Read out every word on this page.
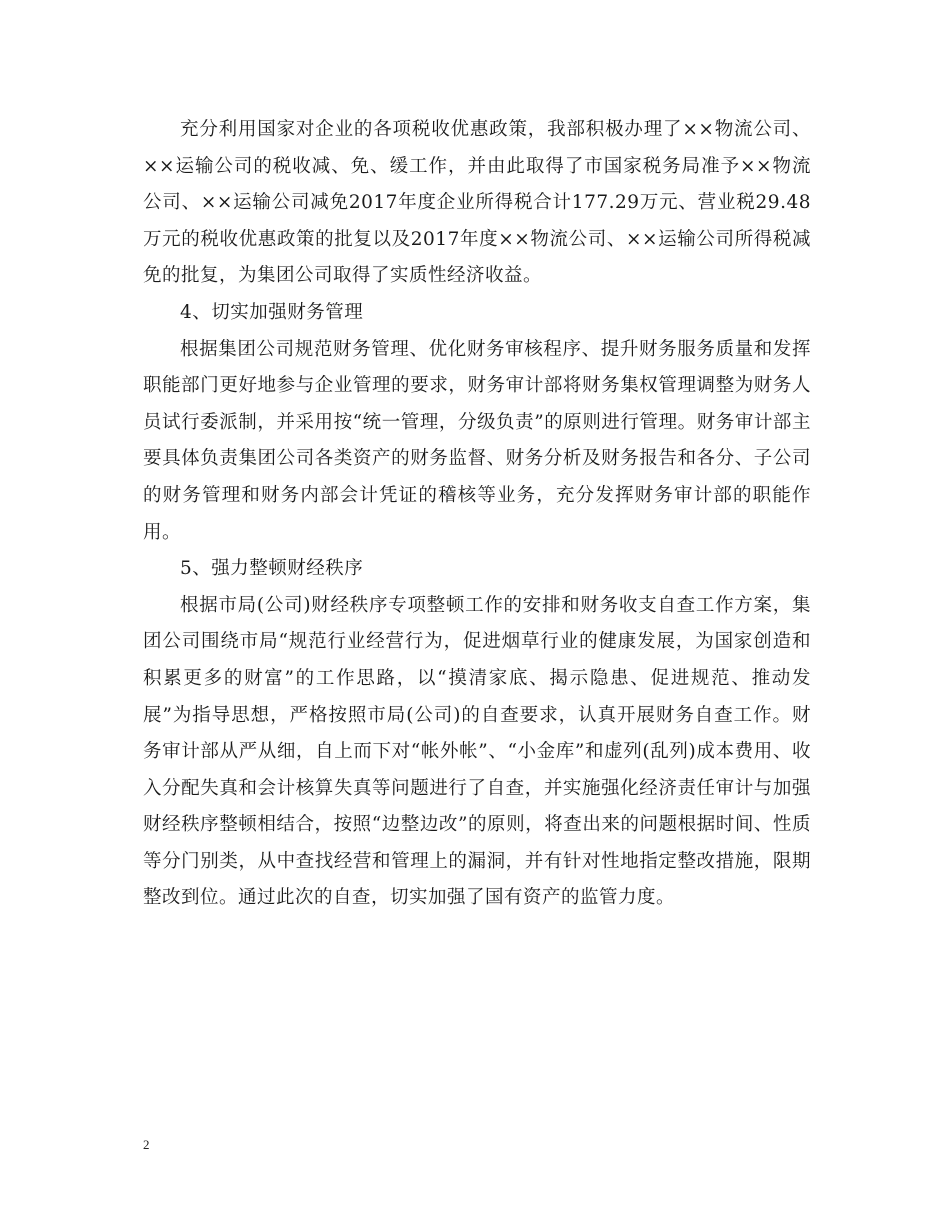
充分利用国家对企业的各项税收优惠政策，我部积极办理了××物流公司、××运输公司的税收减、免、缓工作，并由此取得了市国家税务局准予××物流公司、××运输公司减免2017年度企业所得税合计177.29万元、营业税29.48万元的税收优惠政策的批复以及2017年度××物流公司、××运输公司所得税减免的批复，为集团公司取得了实质性经济收益。

4、切实加强财务管理

根据集团公司规范财务管理、优化财务审核程序、提升财务服务质量和发挥职能部门更好地参与企业管理的要求，财务审计部将财务集权管理调整为财务人员试行委派制，并采用按“统一管理，分级负责”的原则进行管理。财务审计部主要具体负责集团公司各类资产的财务监督、财务分析及财务报告和各分、子公司的财务管理和财务内部会计凭证的稽核等业务，充分发挥财务审计部的职能作用。

5、强力整顿财经秩序

根据市局(公司)财经秩序专项整顿工作的安排和财务收支自查工作方案，集团公司围绕市局“规范行业经营行为，促进烟草行业的健康发展，为国家创造和积累更多的财富”的工作思路，以“摸清家底、揭示隐患、促进规范、推动发展”为指导思想，严格按照市局(公司)的自查要求，认真开展财务自查工作。财务审计部从严从细，自上而下对“帐外帐”、“小金库”和虚列(乱列)成本费用、收入分配失真和会计核算失真等问题进行了自查，并实施强化经济责任审计与加强财经秩序整顿相结合，按照“边整边改”的原则，将查出来的问题根据时间、性质等分门别类，从中查找经营和管理上的漏洞，并有针对性地指定整改措施，限期整改到位。通过此次的自查，切实加强了国有资产的监管力度。

2
